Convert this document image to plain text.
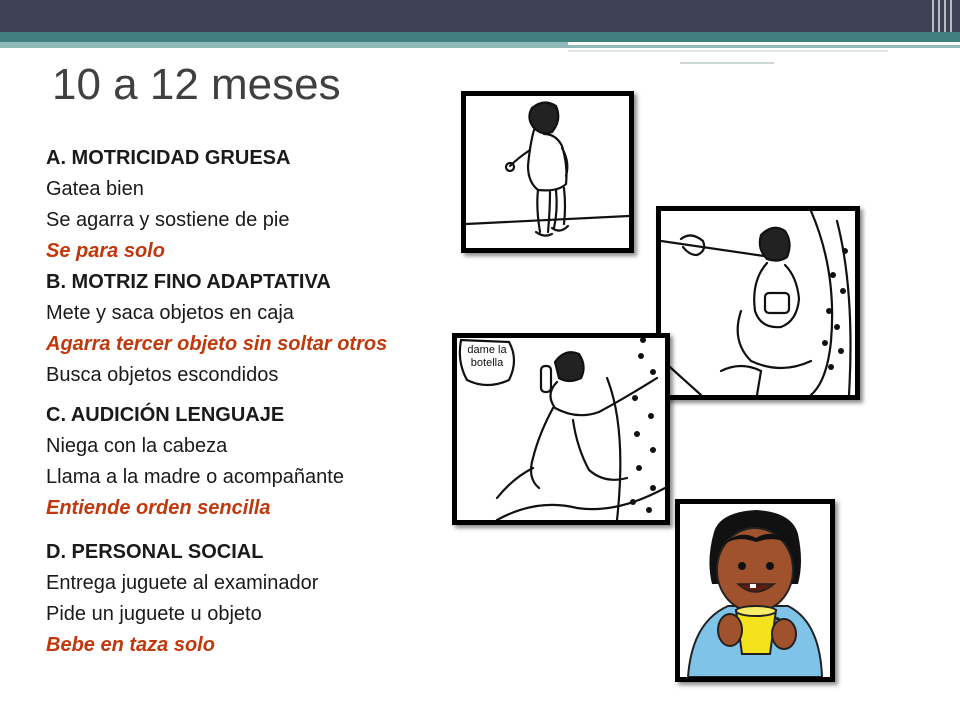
10 a 12 meses
A. MOTRICIDAD GRUESA
Gatea bien
Se agarra y sostiene de pie
Se para solo
B. MOTRIZ FINO ADAPTATIVA
Mete y saca objetos en caja
Agarra tercer objeto sin soltar otros
Busca objetos escondidos
C. AUDICIÓN LENGUAJE
Niega con la cabeza
Llama a la madre o acompañante
Entiende orden sencilla
D. PERSONAL SOCIAL
Entrega juguete al examinador
Pide un juguete u objeto
Bebe en taza solo
dame la
botella
